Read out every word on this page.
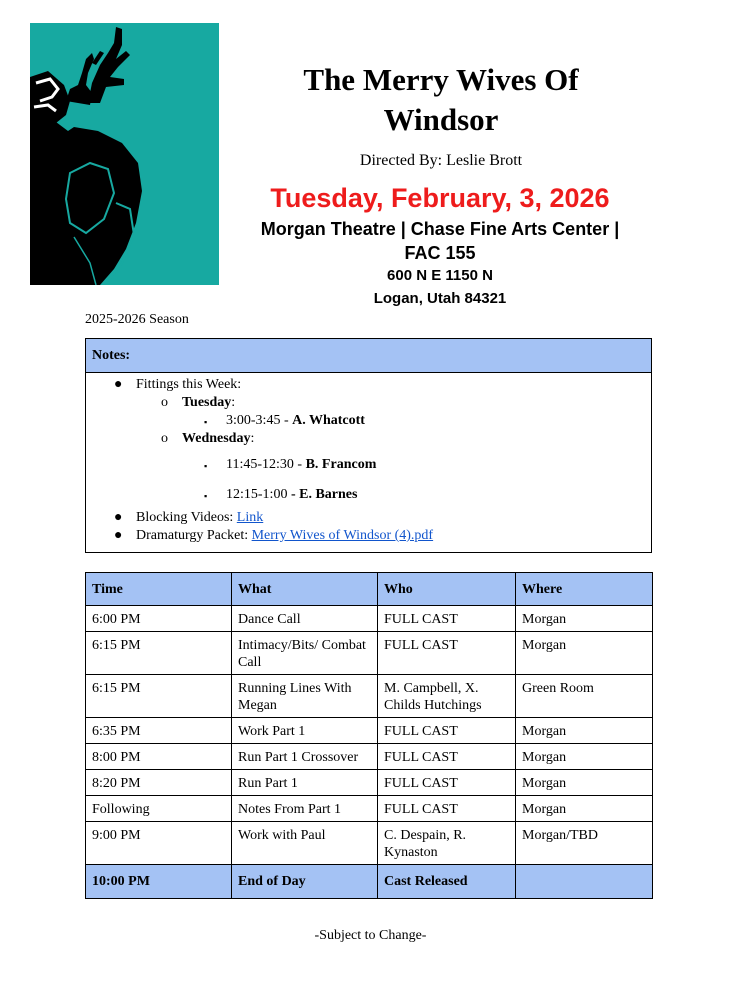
The Merry Wives Of
Windsor
Directed By: Leslie Brott
Tuesday, February, 3, 2026
Morgan Theatre | Chase Fine Arts Center |
FAC 155
600 N E 1150 N
Logan, Utah 84321
2025-2026 Season
Notes:
● Fittings this Week:
o Tuesday:
▪ 3:00-3:45 - A. Whatcott
o Wednesday:
▪ 11:45-12:30 - B. Francom
▪ 12:15-1:00 - E. Barnes
● Blocking Videos: Link
● Dramaturgy Packet: Merry Wives of Windsor (4).pdf
Time	What	Who	Where
6:00 PM	Dance Call	FULL CAST	Morgan
6:15 PM	Intimacy/Bits/ Combat Call	FULL CAST	Morgan
6:15 PM	Running Lines With Megan	M. Campbell, X. Childs Hutchings	Green Room
6:35 PM	Work Part 1	FULL CAST	Morgan
8:00 PM	Run Part 1 Crossover	FULL CAST	Morgan
8:20 PM	Run Part 1	FULL CAST	Morgan
Following	Notes From Part 1	FULL CAST	Morgan
9:00 PM	Work with Paul	C. Despain, R. Kynaston	Morgan/TBD
10:00 PM	End of Day	Cast Released	
-Subject to Change-
